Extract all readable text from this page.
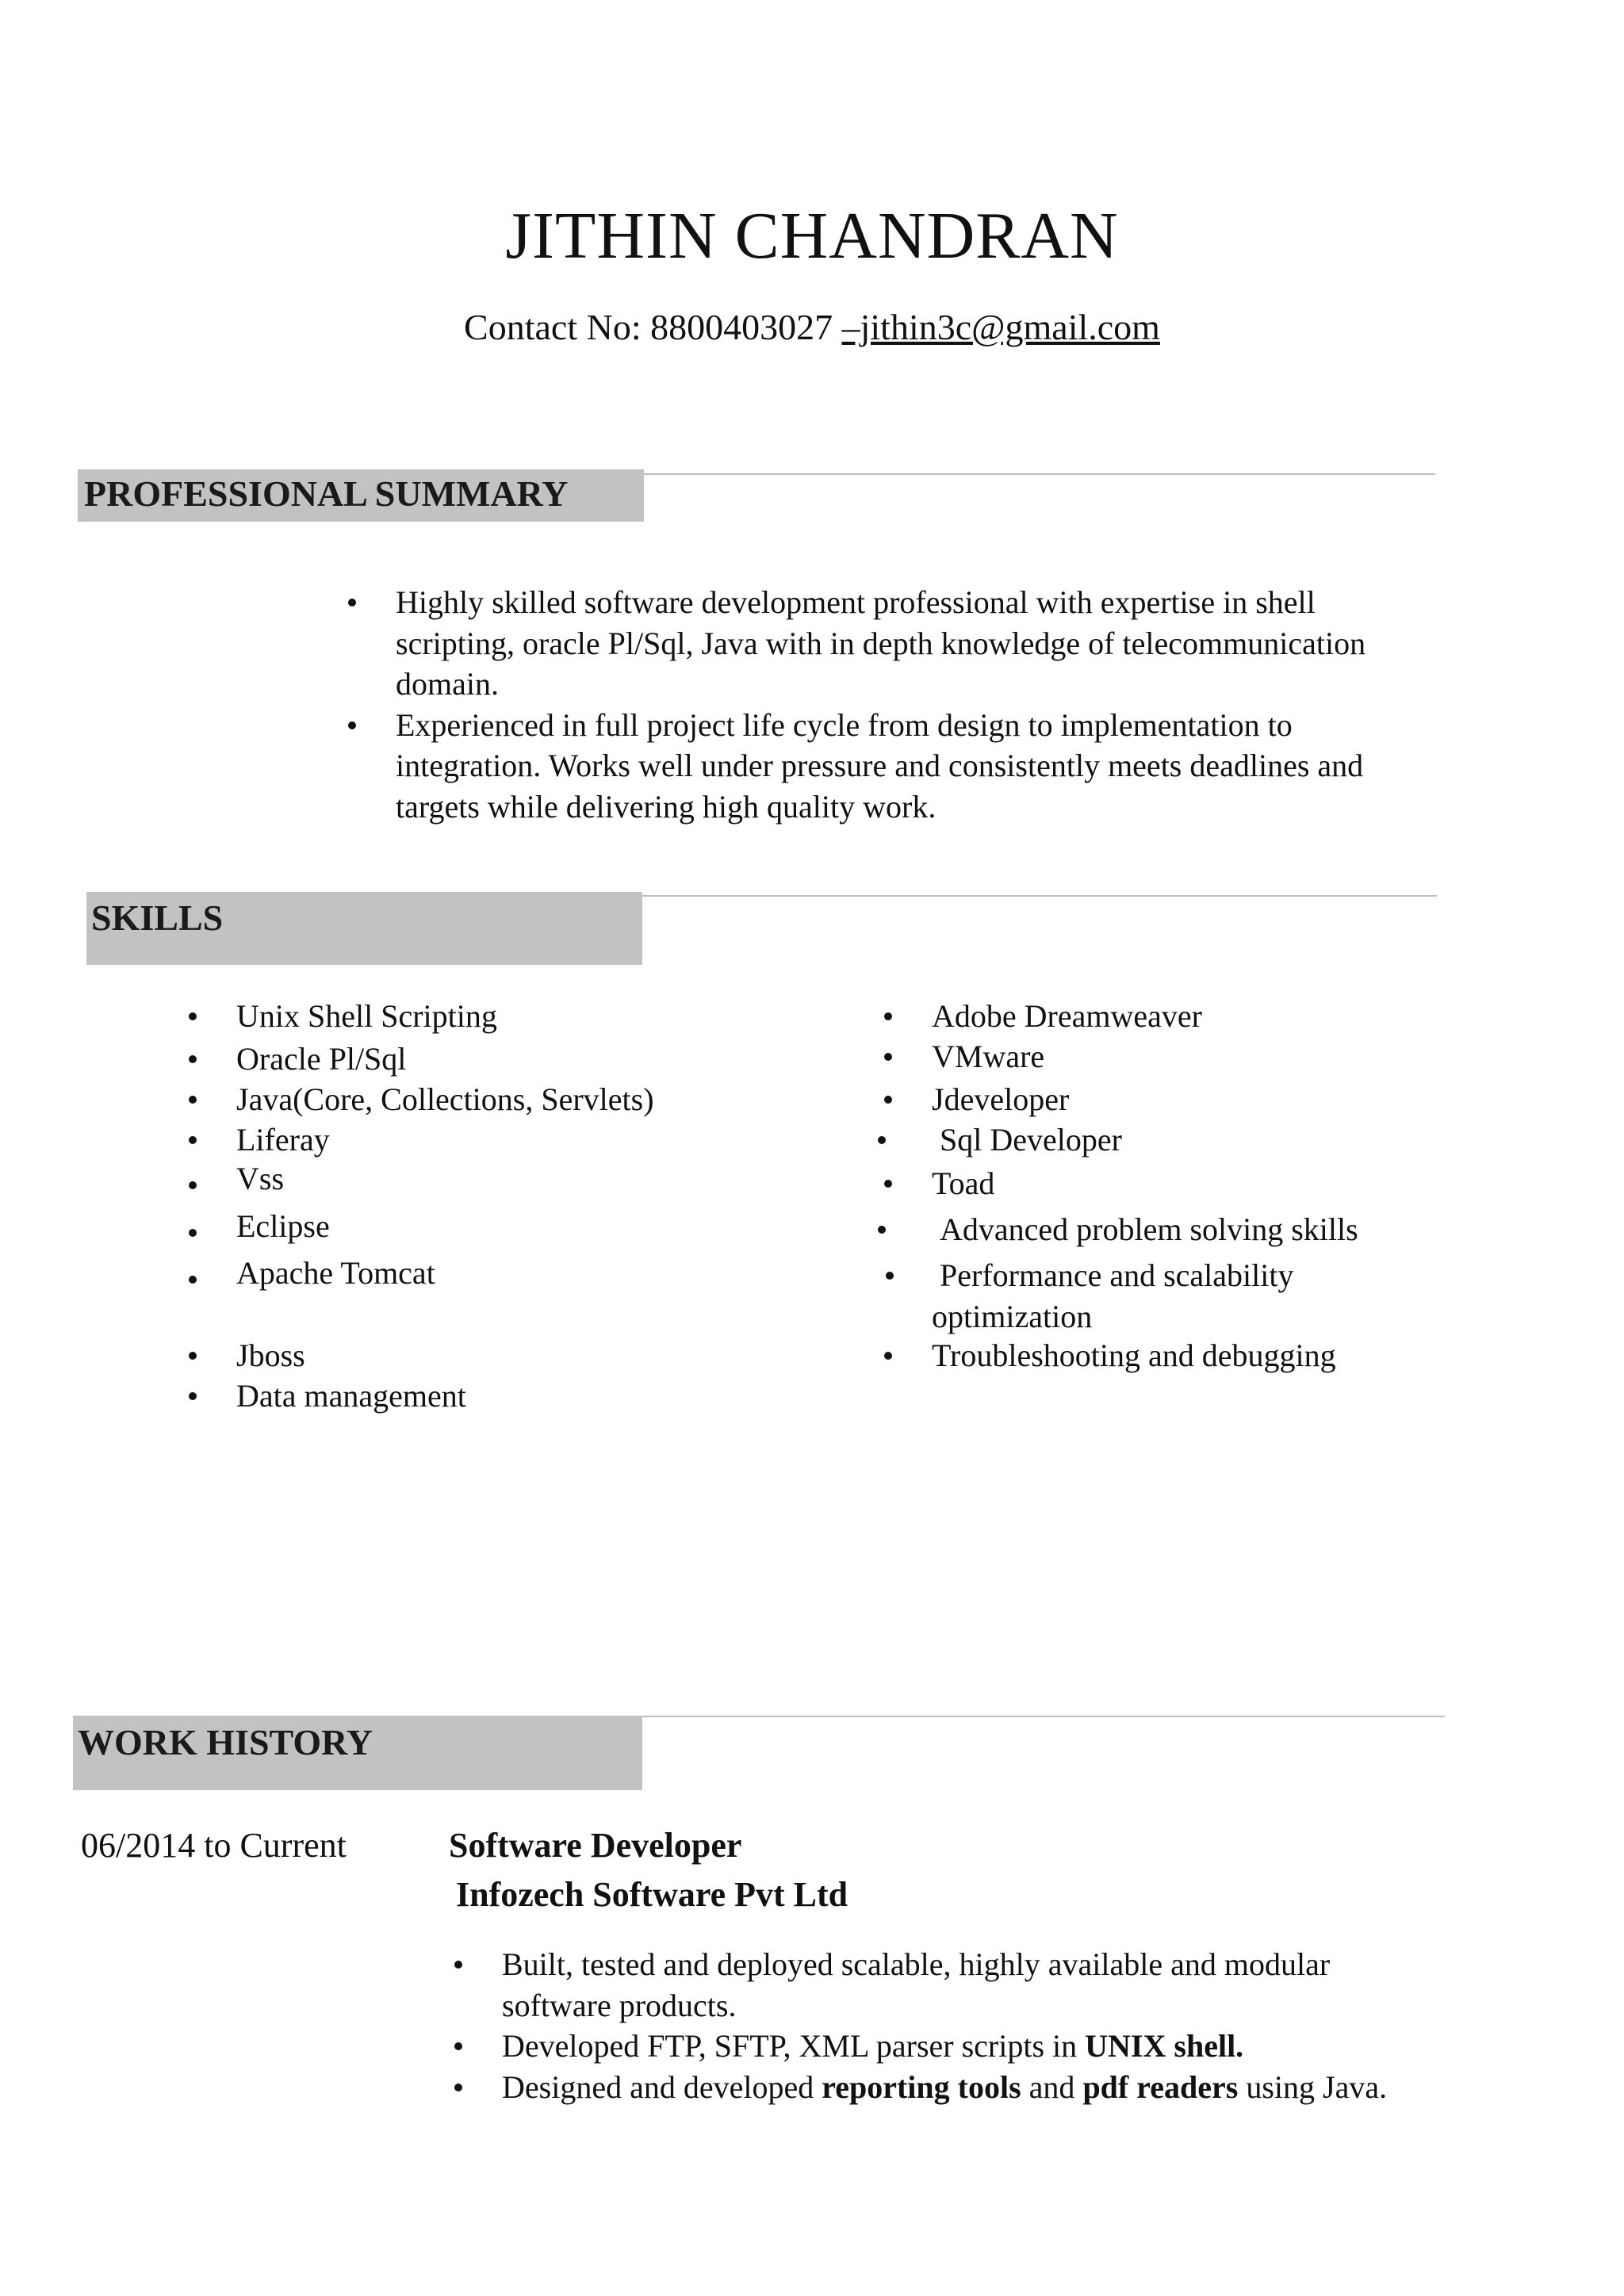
JITHIN CHANDRAN
Contact No: 8800403027 –jithin3c@gmail.com
PROFESSIONAL SUMMARY
Highly skilled software development professional with expertise in shell scripting, oracle Pl/Sql, Java with in depth knowledge of telecommunication domain.
Experienced in full project life cycle from design to implementation to integration. Works well under pressure and consistently meets deadlines and targets while delivering high quality work.
SKILLS
Unix Shell Scripting
Oracle Pl/Sql
Java(Core, Collections, Servlets)
Liferay
Vss
Eclipse
Apache Tomcat
Jboss
Data management
Adobe Dreamweaver
VMware
Jdeveloper
Sql Developer
Toad
Advanced problem solving skills
Performance and scalability optimization
Troubleshooting and debugging
WORK HISTORY
06/2014 to Current	Software Developer
Infozech Software Pvt Ltd
Built, tested and deployed scalable, highly available and modular software products.
Developed FTP, SFTP, XML parser scripts in UNIX shell.
Designed and developed reporting tools and pdf readers using Java.
